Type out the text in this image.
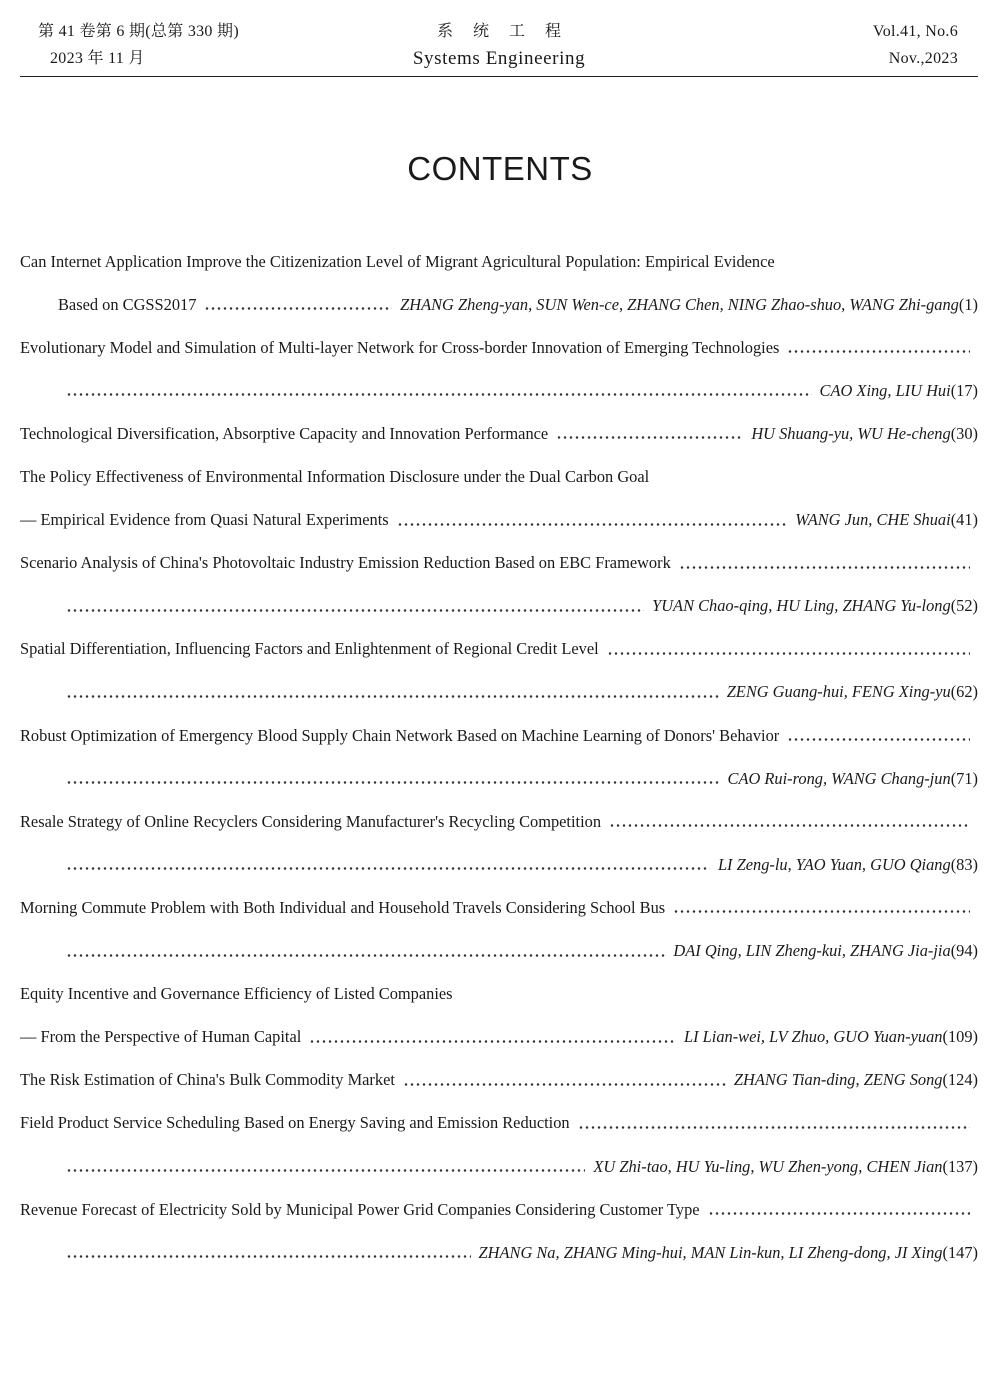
第 41 卷第 6 期(总第 330 期)
2023 年 11 月
系统工程
Systems Engineering
Vol.41, No.6
Nov.,2023
CONTENTS
Can Internet Application Improve the Citizenization Level of Migrant Agricultural Population: Empirical Evidence
Based on CGSS2017	ZHANG Zheng-yan, SUN Wen-ce, ZHANG Chen, NING Zhao-shuo, WANG Zhi-gang (1)
Evolutionary Model and Simulation of Multi-layer Network for Cross-border Innovation of Emerging Technologies
CAO Xing, LIU Hui (17)
Technological Diversification, Absorptive Capacity and Innovation Performance	HU Shuang-yu, WU He-cheng (30)
The Policy Effectiveness of Environmental Information Disclosure under the Dual Carbon Goal
— Empirical Evidence from Quasi Natural Experiments	WANG Jun, CHE Shuai (41)
Scenario Analysis of China's Photovoltaic Industry Emission Reduction Based on EBC Framework
YUAN Chao-qing, HU Ling, ZHANG Yu-long (52)
Spatial Differentiation, Influencing Factors and Enlightenment of Regional Credit Level
ZENG Guang-hui, FENG Xing-yu (62)
Robust Optimization of Emergency Blood Supply Chain Network Based on Machine Learning of Donors' Behavior
CAO Rui-rong, WANG Chang-jun (71)
Resale Strategy of Online Recyclers Considering Manufacturer's Recycling Competition
LI Zeng-lu, YAO Yuan, GUO Qiang (83)
Morning Commute Problem with Both Individual and Household Travels Considering School Bus
DAI Qing, LIN Zheng-kui, ZHANG Jia-jia (94)
Equity Incentive and Governance Efficiency of Listed Companies
— From the Perspective of Human Capital	LI Lian-wei, LV Zhuo, GUO Yuan-yuan (109)
The Risk Estimation of China's Bulk Commodity Market	ZHANG Tian-ding, ZENG Song (124)
Field Product Service Scheduling Based on Energy Saving and Emission Reduction
XU Zhi-tao, HU Yu-ling, WU Zhen-yong, CHEN Jian (137)
Revenue Forecast of Electricity Sold by Municipal Power Grid Companies Considering Customer Type
ZHANG Na, ZHANG Ming-hui, MAN Lin-kun, LI Zheng-dong, JI Xing (147)
